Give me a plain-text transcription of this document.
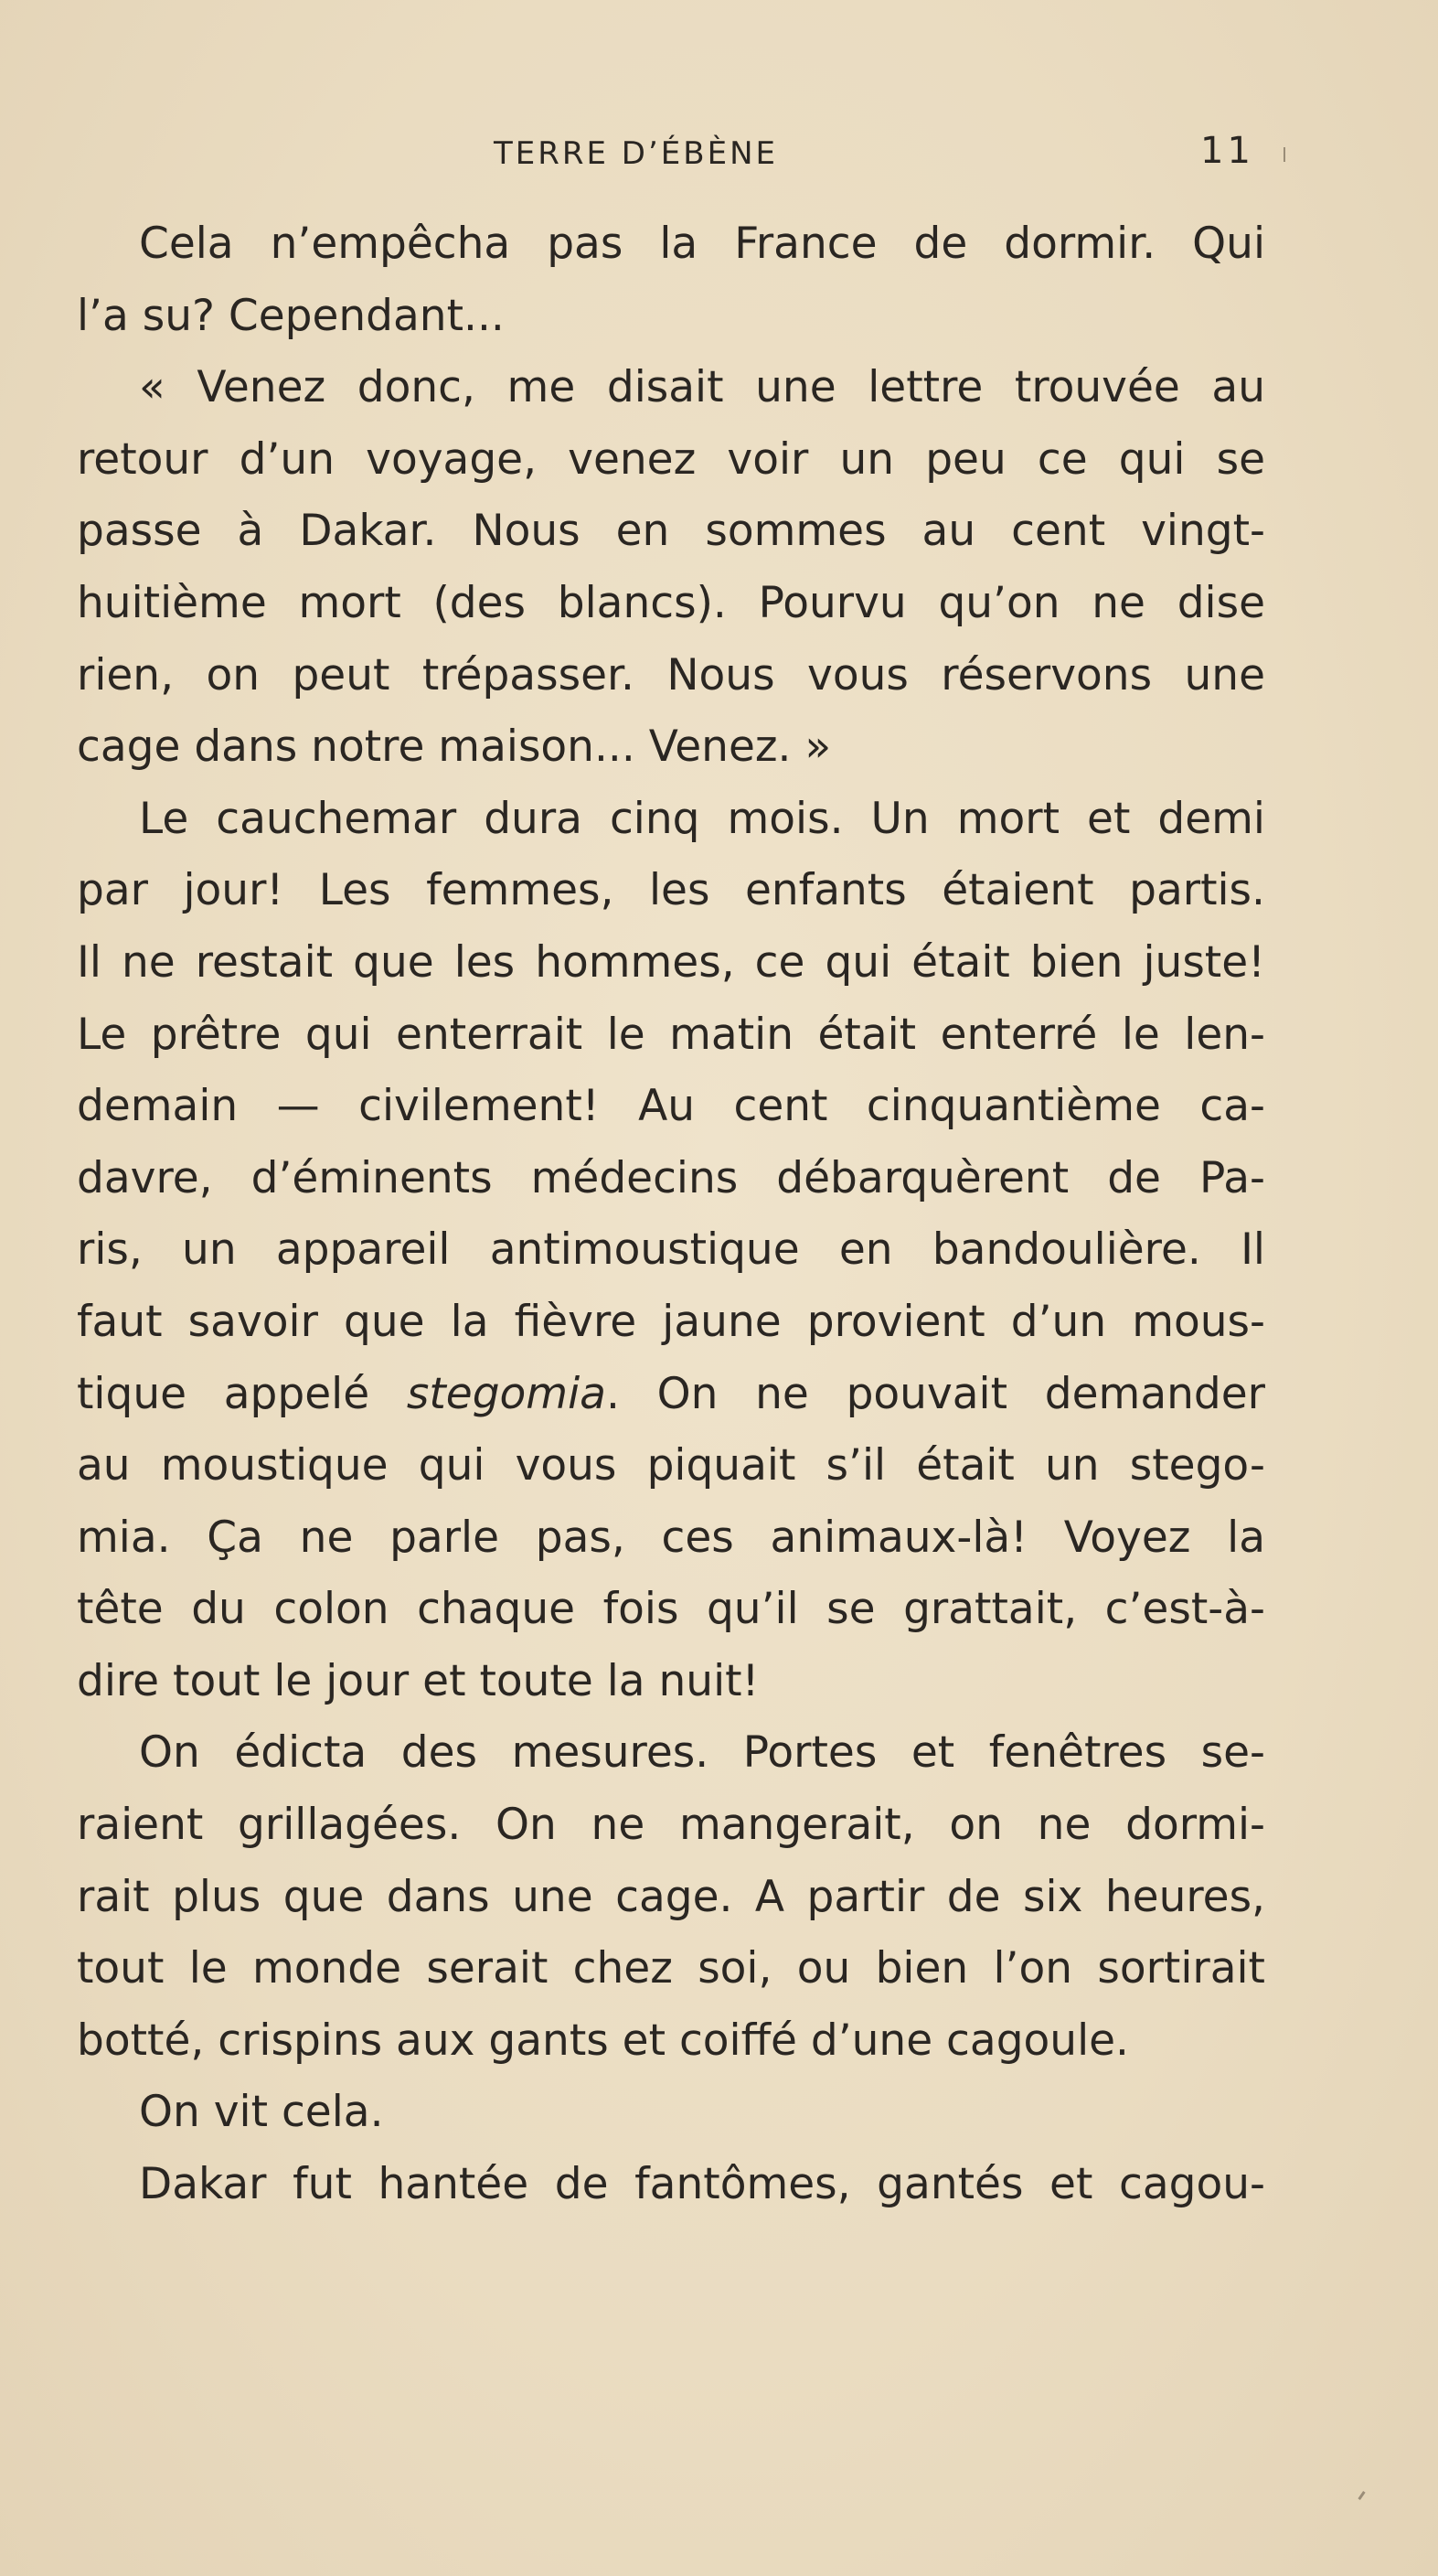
TERRE D’ÉBÈNE	11
Cela n’empêcha pas la France de dormir. Qui
l’a su? Cependant...
« Venez donc, me disait une lettre trouvée au
retour d’un voyage, venez voir un peu ce qui se
passe à Dakar. Nous en sommes au cent vingt-
huitième mort (des blancs). Pourvu qu’on ne dise
rien, on peut trépasser. Nous vous réservons une
cage dans notre maison... Venez. »
Le cauchemar dura cinq mois. Un mort et demi
par jour! Les femmes, les enfants étaient partis.
Il ne restait que les hommes, ce qui était bien juste!
Le prêtre qui enterrait le matin était enterré le len-
demain — civilement! Au cent cinquantième ca-
davre, d’éminents médecins débarquèrent de Pa-
ris, un appareil antimoustique en bandoulière. Il
faut savoir que la fièvre jaune provient d’un mous-
tique appelé stegomia. On ne pouvait demander
au moustique qui vous piquait s’il était un stego-
mia. Ça ne parle pas, ces animaux-là! Voyez la
tête du colon chaque fois qu’il se grattait, c’est-à-
dire tout le jour et toute la nuit!
On édicta des mesures. Portes et fenêtres se-
raient grillagées. On ne mangerait, on ne dormi-
rait plus que dans une cage. A partir de six heures,
tout le monde serait chez soi, ou bien l’on sortirait
botté, crispins aux gants et coiffé d’une cagoule.
On vit cela.
Dakar fut hantée de fantômes, gantés et cagou-
